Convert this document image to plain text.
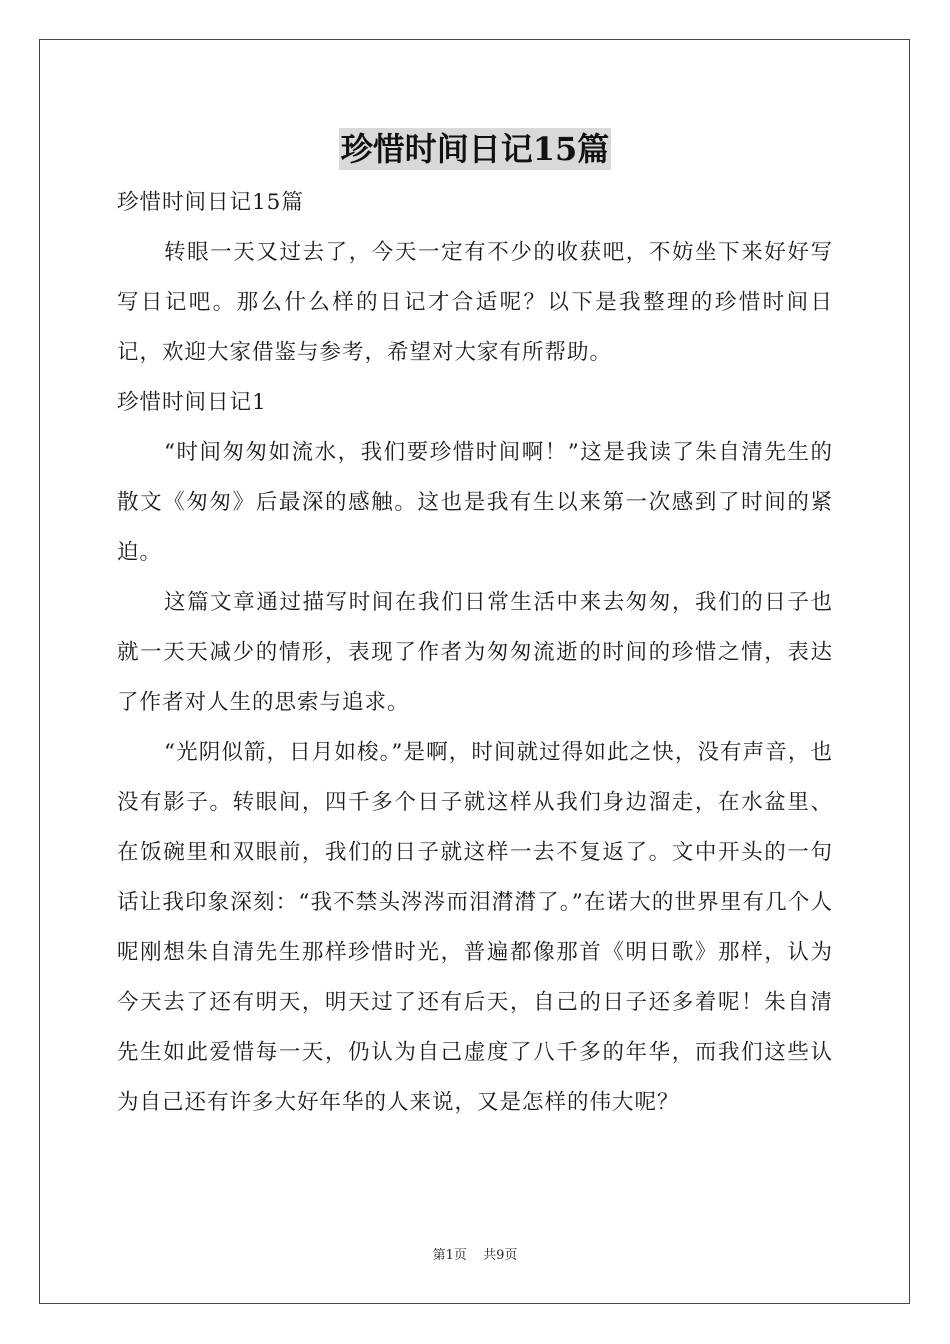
珍惜时间日记15篇

珍惜时间日记15篇

转眼一天又过去了，今天一定有不少的收获吧，不妨坐下来好好写写日记吧。那么什么样的日记才合适呢？以下是我整理的珍惜时间日记，欢迎大家借鉴与参考，希望对大家有所帮助。

珍惜时间日记1

“时间匆匆如流水，我们要珍惜时间啊！”这是我读了朱自清先生的散文《匆匆》后最深的感触。这也是我有生以来第一次感到了时间的紧迫。

这篇文章通过描写时间在我们日常生活中来去匆匆，我们的日子也就一天天减少的情形，表现了作者为匆匆流逝的时间的珍惜之情，表达了作者对人生的思索与追求。

“光阴似箭，日月如梭。”是啊，时间就过得如此之快，没有声音，也没有影子。转眼间，四千多个日子就这样从我们身边溜走，在水盆里、在饭碗里和双眼前，我们的日子就这样一去不复返了。文中开头的一句话让我印象深刻：“我不禁头涔涔而泪潸潸了。”在诺大的世界里有几个人呢刚想朱自清先生那样珍惜时光，普遍都像那首《明日歌》那样，认为今天去了还有明天，明天过了还有后天，自己的日子还多着呢！朱自清先生如此爱惜每一天，仍认为自己虚度了八千多的年华，而我们这些认为自己还有许多大好年华的人来说，又是怎样的伟大呢？

第1页 共9页
